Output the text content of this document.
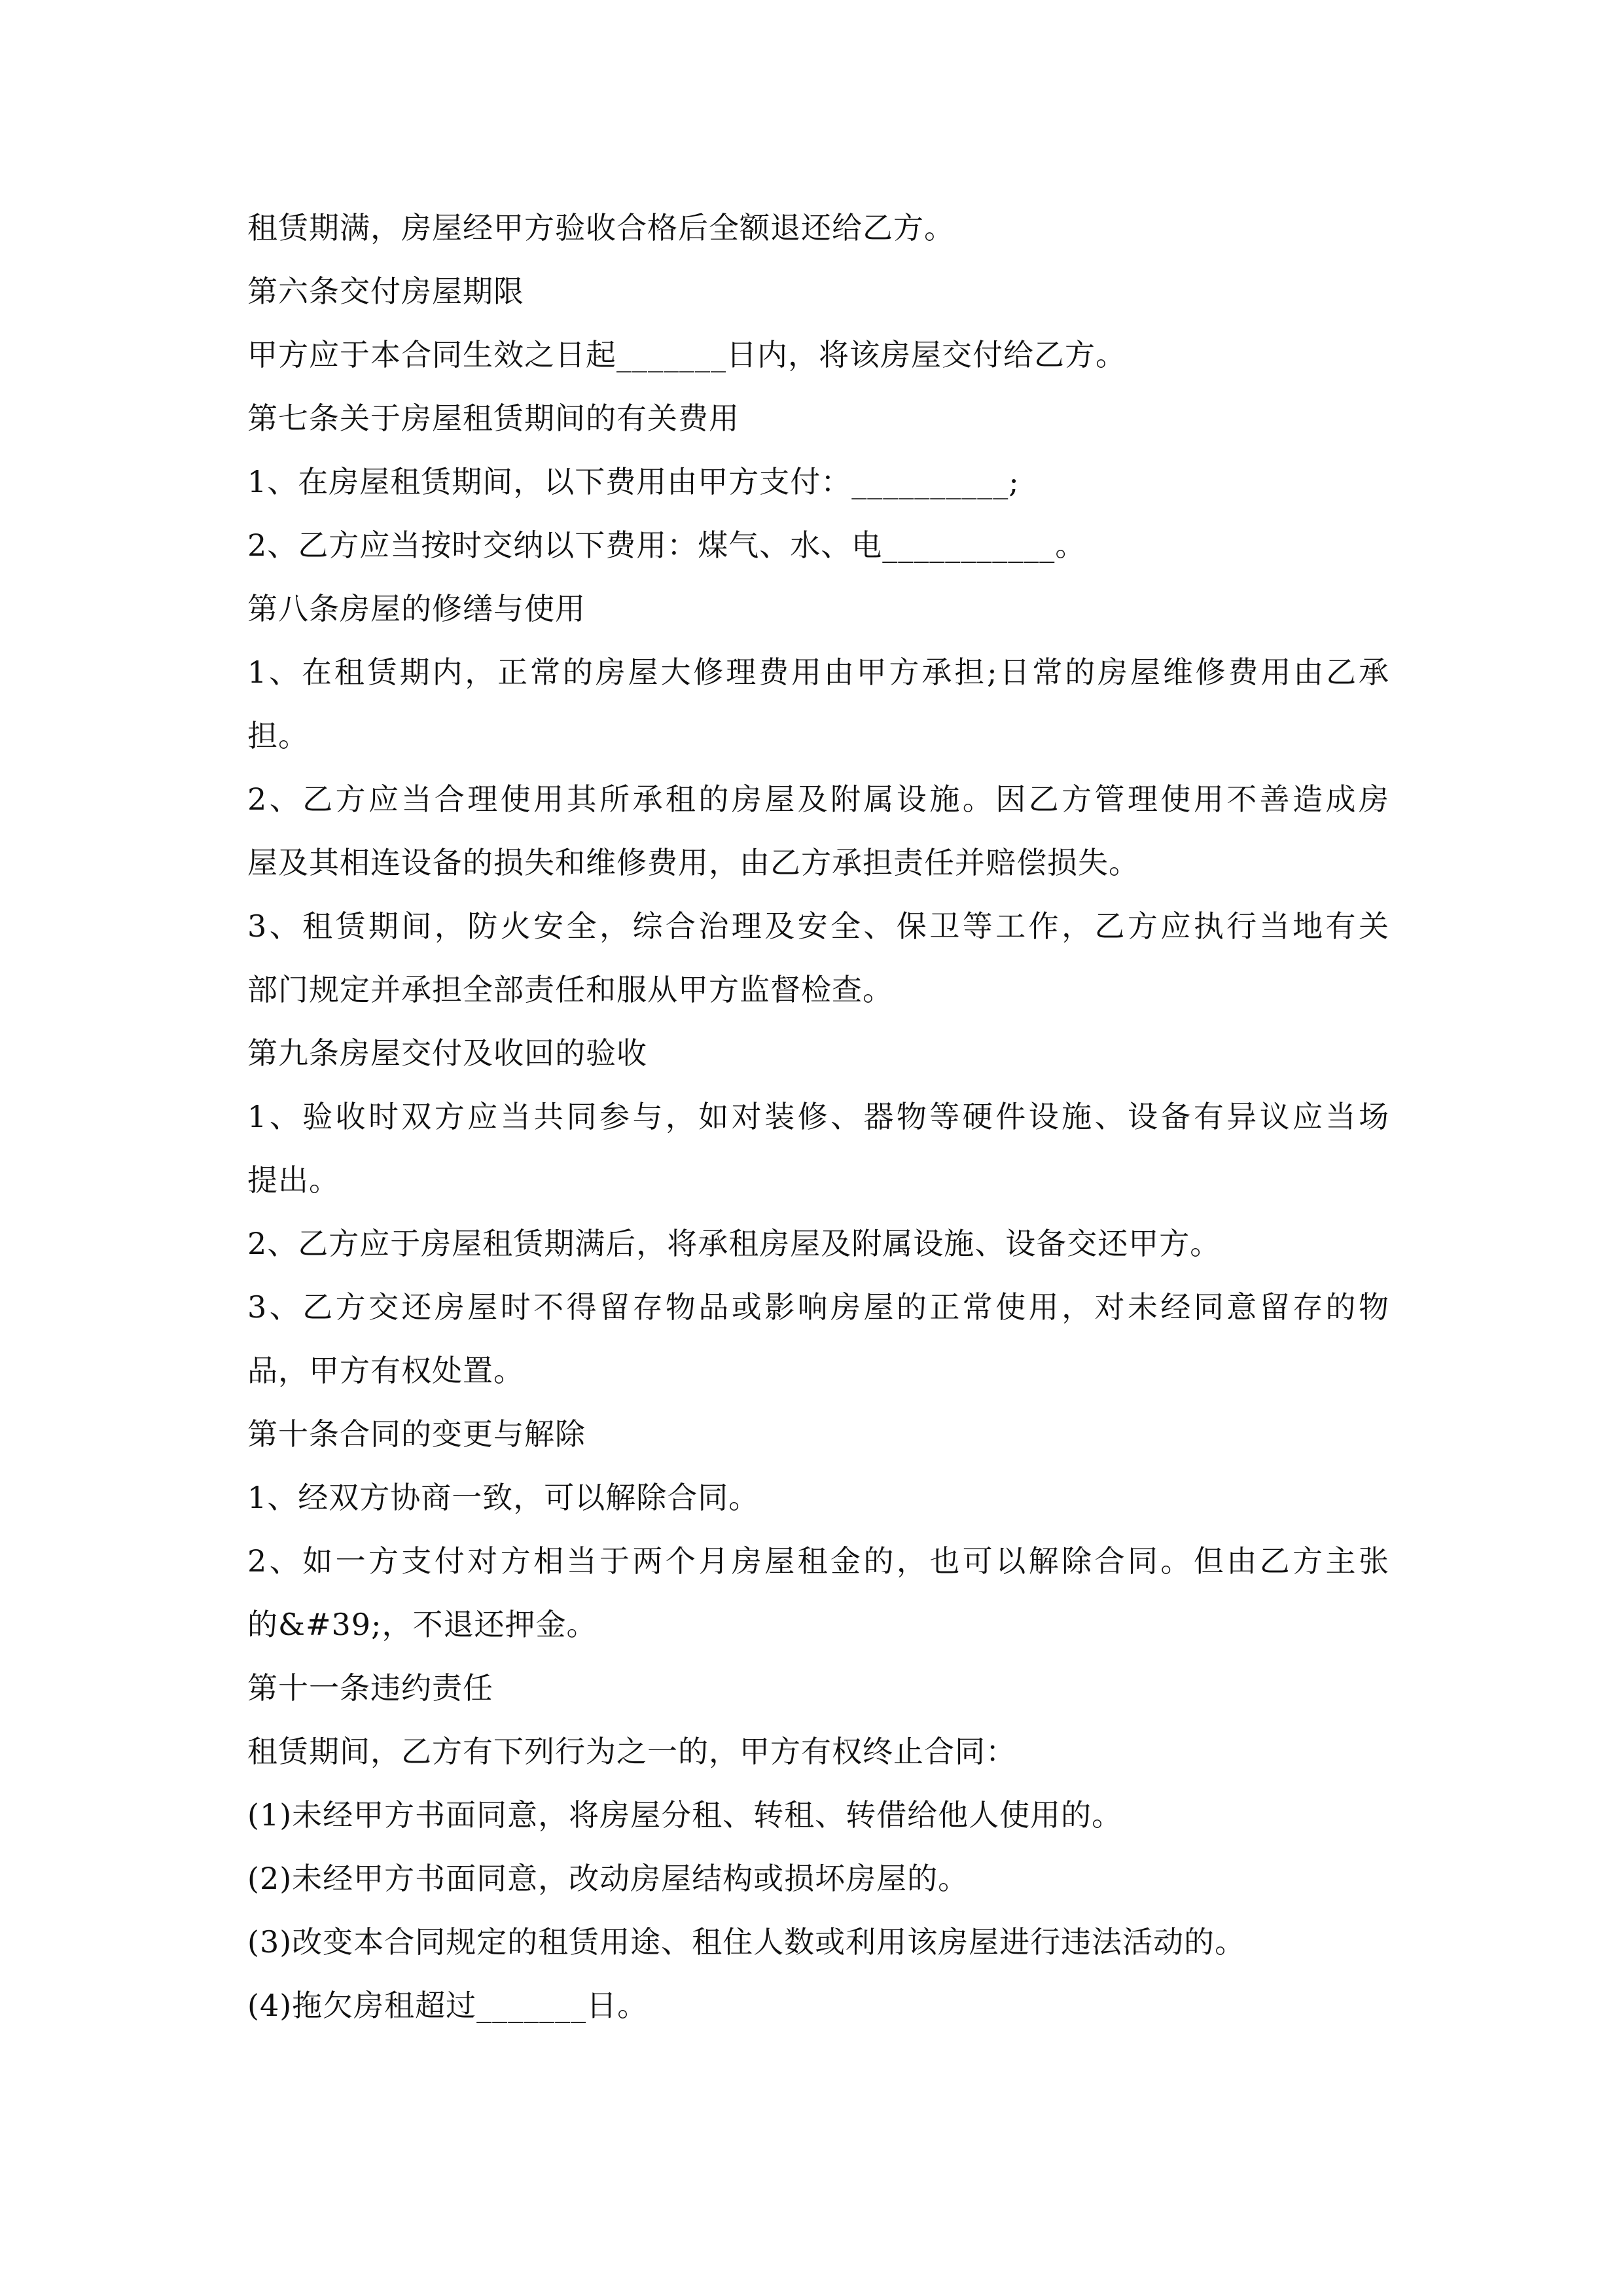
租赁期满，房屋经甲方验收合格后全额退还给乙方。
第六条交付房屋期限
甲方应于本合同生效之日起_______日内，将该房屋交付给乙方。
第七条关于房屋租赁期间的有关费用
1、在房屋租赁期间，以下费用由甲方支付：__________;
2、乙方应当按时交纳以下费用：煤气、水、电___________。
第八条房屋的修缮与使用
1、在租赁期内，正常的房屋大修理费用由甲方承担;日常的房屋维修费用由乙承
担。
2、乙方应当合理使用其所承租的房屋及附属设施。因乙方管理使用不善造成房
屋及其相连设备的损失和维修费用，由乙方承担责任并赔偿损失。
3、租赁期间，防火安全，综合治理及安全、保卫等工作，乙方应执行当地有关
部门规定并承担全部责任和服从甲方监督检查。
第九条房屋交付及收回的验收
1、验收时双方应当共同参与，如对装修、器物等硬件设施、设备有异议应当场
提出。
2、乙方应于房屋租赁期满后，将承租房屋及附属设施、设备交还甲方。
3、乙方交还房屋时不得留存物品或影响房屋的正常使用，对未经同意留存的物
品，甲方有权处置。
第十条合同的变更与解除
1、经双方协商一致，可以解除合同。
2、如一方支付对方相当于两个月房屋租金的，也可以解除合同。但由乙方主张
的&#39;，不退还押金。
第十一条违约责任
租赁期间，乙方有下列行为之一的，甲方有权终止合同：
(1)未经甲方书面同意，将房屋分租、转租、转借给他人使用的。
(2)未经甲方书面同意，改动房屋结构或损坏房屋的。
(3)改变本合同规定的租赁用途、租住人数或利用该房屋进行违法活动的。
(4)拖欠房租超过_______日。
